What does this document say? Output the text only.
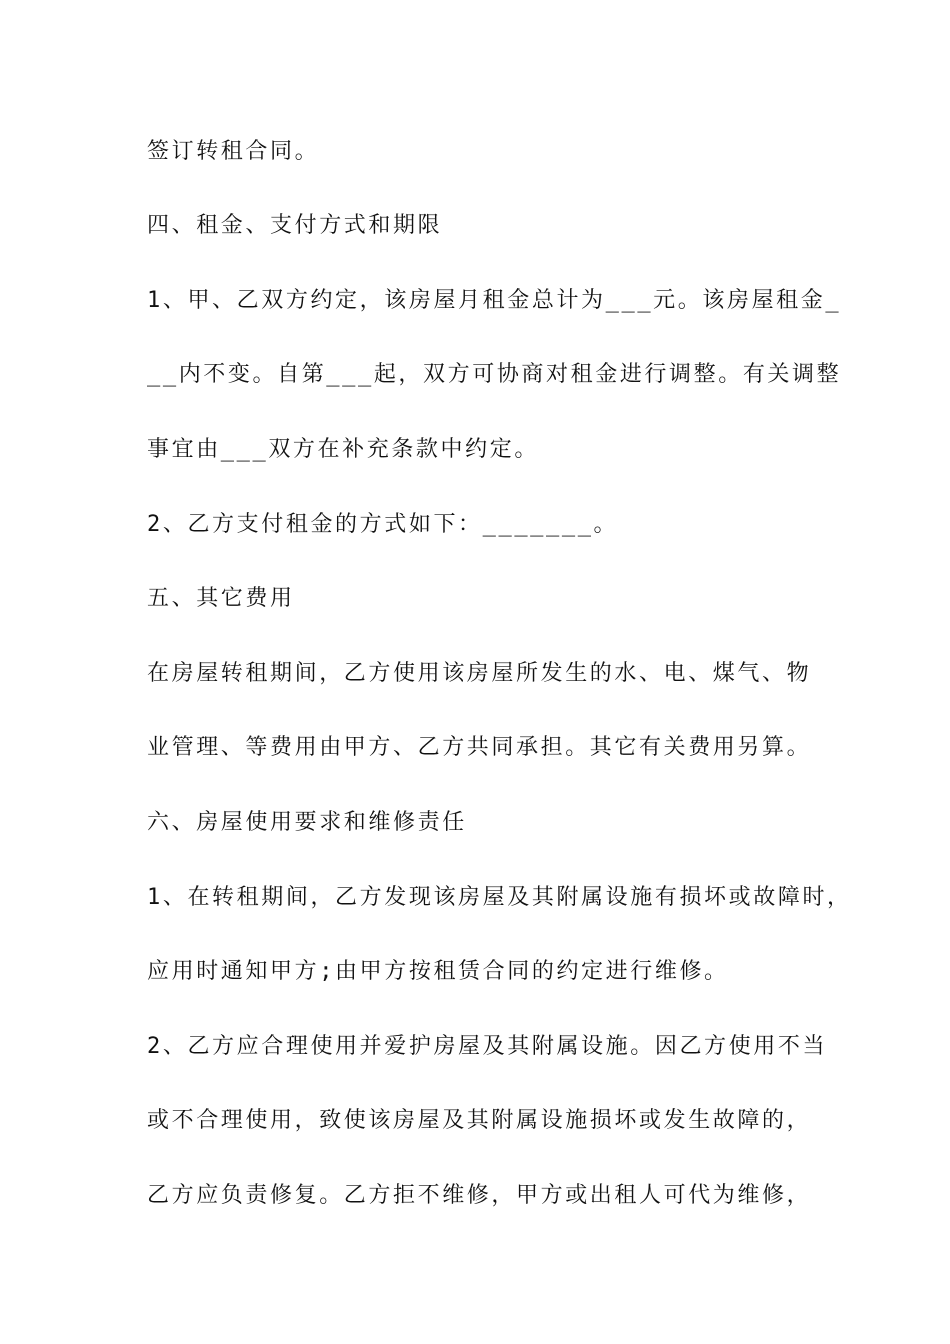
签订转租合同。
四、租金、支付方式和期限
1、甲、乙双方约定，该房屋月租金总计为___元。该房屋租金_
__内不变。自第___起，双方可协商对租金进行调整。有关调整
事宜由___双方在补充条款中约定。
2、乙方支付租金的方式如下：_______。
五、其它费用
在房屋转租期间，乙方使用该房屋所发生的水、电、煤气、物
业管理、等费用由甲方、乙方共同承担。其它有关费用另算。
六、房屋使用要求和维修责任
1、在转租期间，乙方发现该房屋及其附属设施有损坏或故障时，
应用时通知甲方;由甲方按租赁合同的约定进行维修。
2、乙方应合理使用并爱护房屋及其附属设施。因乙方使用不当
或不合理使用，致使该房屋及其附属设施损坏或发生故障的，
乙方应负责修复。乙方拒不维修，甲方或出租人可代为维修，
